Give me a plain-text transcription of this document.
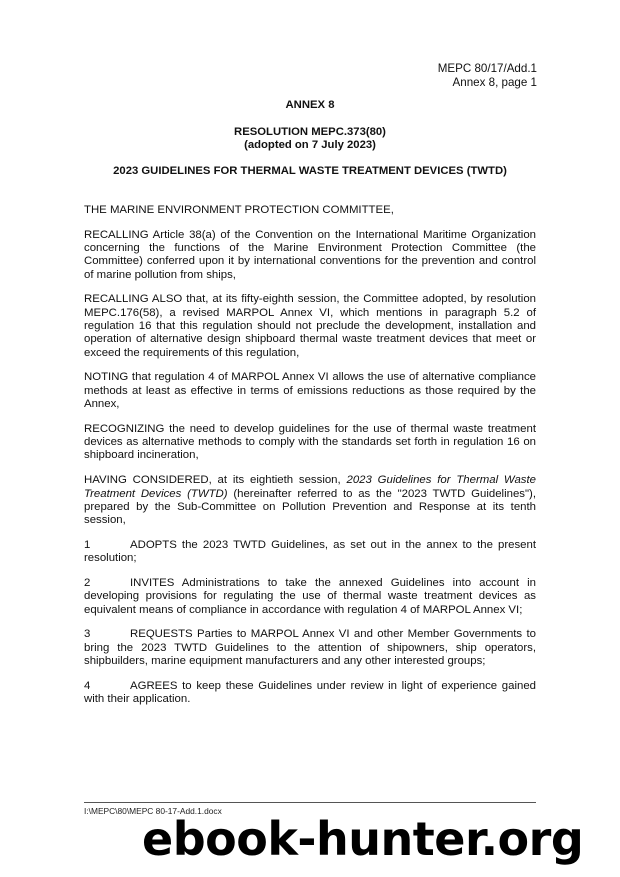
MEPC 80/17/Add.1
Annex 8, page 1
ANNEX 8
RESOLUTION MEPC.373(80)
(adopted on 7 July 2023)
2023 GUIDELINES FOR THERMAL WASTE TREATMENT DEVICES (TWTD)

THE MARINE ENVIRONMENT PROTECTION COMMITTEE,

RECALLING Article 38(a) of the Convention on the International Maritime Organization concerning the functions of the Marine Environment Protection Committee (the Committee) conferred upon it by international conventions for the prevention and control of marine pollution from ships,

RECALLING ALSO that, at its fifty-eighth session, the Committee adopted, by resolution MEPC.176(58), a revised MARPOL Annex VI, which mentions in paragraph 5.2 of regulation 16 that this regulation should not preclude the development, installation and operation of alternative design shipboard thermal waste treatment devices that meet or exceed the requirements of this regulation,

NOTING that regulation 4 of MARPOL Annex VI allows the use of alternative compliance methods at least as effective in terms of emissions reductions as those required by the Annex,

RECOGNIZING the need to develop guidelines for the use of thermal waste treatment devices as alternative methods to comply with the standards set forth in regulation 16 on shipboard incineration,

HAVING CONSIDERED, at its eightieth session, 2023 Guidelines for Thermal Waste Treatment Devices (TWTD) (hereinafter referred to as the "2023 TWTD Guidelines"), prepared by the Sub-Committee on Pollution Prevention and Response at its tenth session,

1	ADOPTS the 2023 TWTD Guidelines, as set out in the annex to the present resolution;

2	INVITES Administrations to take the annexed Guidelines into account in developing provisions for regulating the use of thermal waste treatment devices as equivalent means of compliance in accordance with regulation 4 of MARPOL Annex VI;

3	REQUESTS Parties to MARPOL Annex VI and other Member Governments to bring the 2023 TWTD Guidelines to the attention of shipowners, ship operators, shipbuilders, marine equipment manufacturers and any other interested groups;

4	AGREES to keep these Guidelines under review in light of experience gained with their application.

I:\MEPC\80\MEPC 80-17-Add.1.docx
ebook-hunter.org
